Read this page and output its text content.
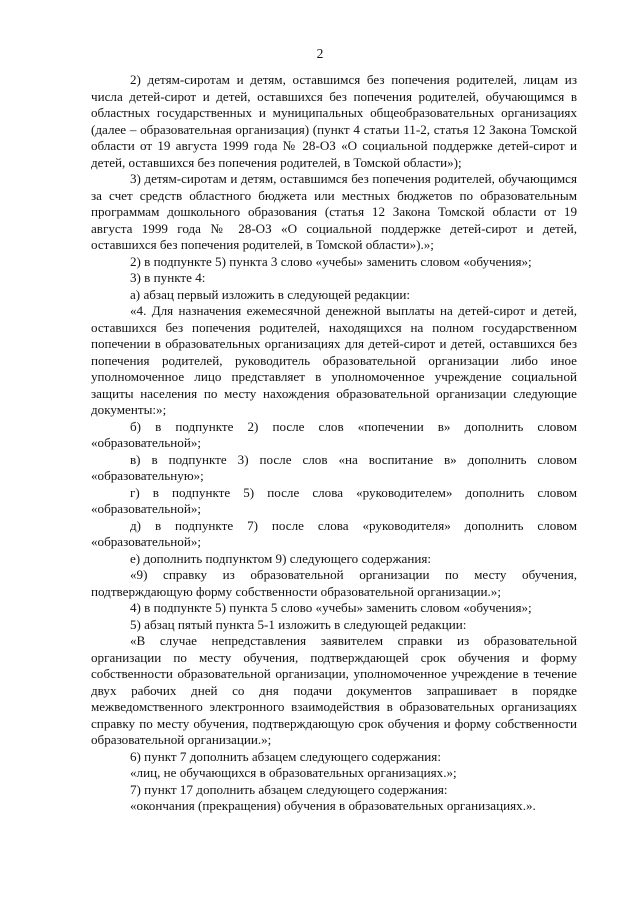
2

2) детям-сиротам и детям, оставшимся без попечения родителей, лицам из числа детей-сирот и детей, оставшихся без попечения родителей, обучающимся в областных государственных и муниципальных общеобразовательных организациях (далее – образовательная организация) (пункт 4 статьи 11-2, статья 12 Закона Томской области от 19 августа 1999 года № 28-ОЗ «О социальной поддержке детей-сирот и детей, оставшихся без попечения родителей, в Томской области»);

3) детям-сиротам и детям, оставшимся без попечения родителей, обучающимся за счет средств областного бюджета или местных бюджетов по образовательным программам дошкольного образования (статья 12 Закона Томской области от 19 августа 1999 года № 28-ОЗ «О социальной поддержке детей-сирот и детей, оставшихся без попечения родителей, в Томской области»).»;

2) в подпункте 5) пункта 3 слово «учебы» заменить словом «обучения»;

3) в пункте 4:

а) абзац первый изложить в следующей редакции:

«4. Для назначения ежемесячной денежной выплаты на детей-сирот и детей, оставшихся без попечения родителей, находящихся на полном государственном попечении в образовательных организациях для детей-сирот и детей, оставшихся без попечения родителей, руководитель образовательной организации либо иное уполномоченное лицо представляет в уполномоченное учреждение социальной защиты населения по месту нахождения образовательной организации следующие документы:»;

б) в подпункте 2) после слов «попечении в» дополнить словом «образовательной»;

в) в подпункте 3) после слов «на воспитание в» дополнить словом «образовательную»;

г) в подпункте 5) после слова «руководителем» дополнить словом «образовательной»;

д) в подпункте 7) после слова «руководителя» дополнить словом «образовательной»;

е) дополнить подпунктом 9) следующего содержания:

«9) справку из образовательной организации по месту обучения, подтверждающую форму собственности образовательной организации.»;

4) в подпункте 5) пункта 5 слово «учебы» заменить словом «обучения»;

5) абзац пятый пункта 5-1 изложить в следующей редакции:

«В случае непредставления заявителем справки из образовательной организации по месту обучения, подтверждающей срок обучения и форму собственности образовательной организации, уполномоченное учреждение в течение двух рабочих дней со дня подачи документов запрашивает в порядке межведомственного электронного взаимодействия в образовательных организациях справку по месту обучения, подтверждающую срок обучения и форму собственности образовательной организации.»;

6) пункт 7 дополнить абзацем следующего содержания:

«лиц, не обучающихся в образовательных организациях.»;

7) пункт 17 дополнить абзацем следующего содержания:

«окончания (прекращения) обучения в образовательных организациях.».
